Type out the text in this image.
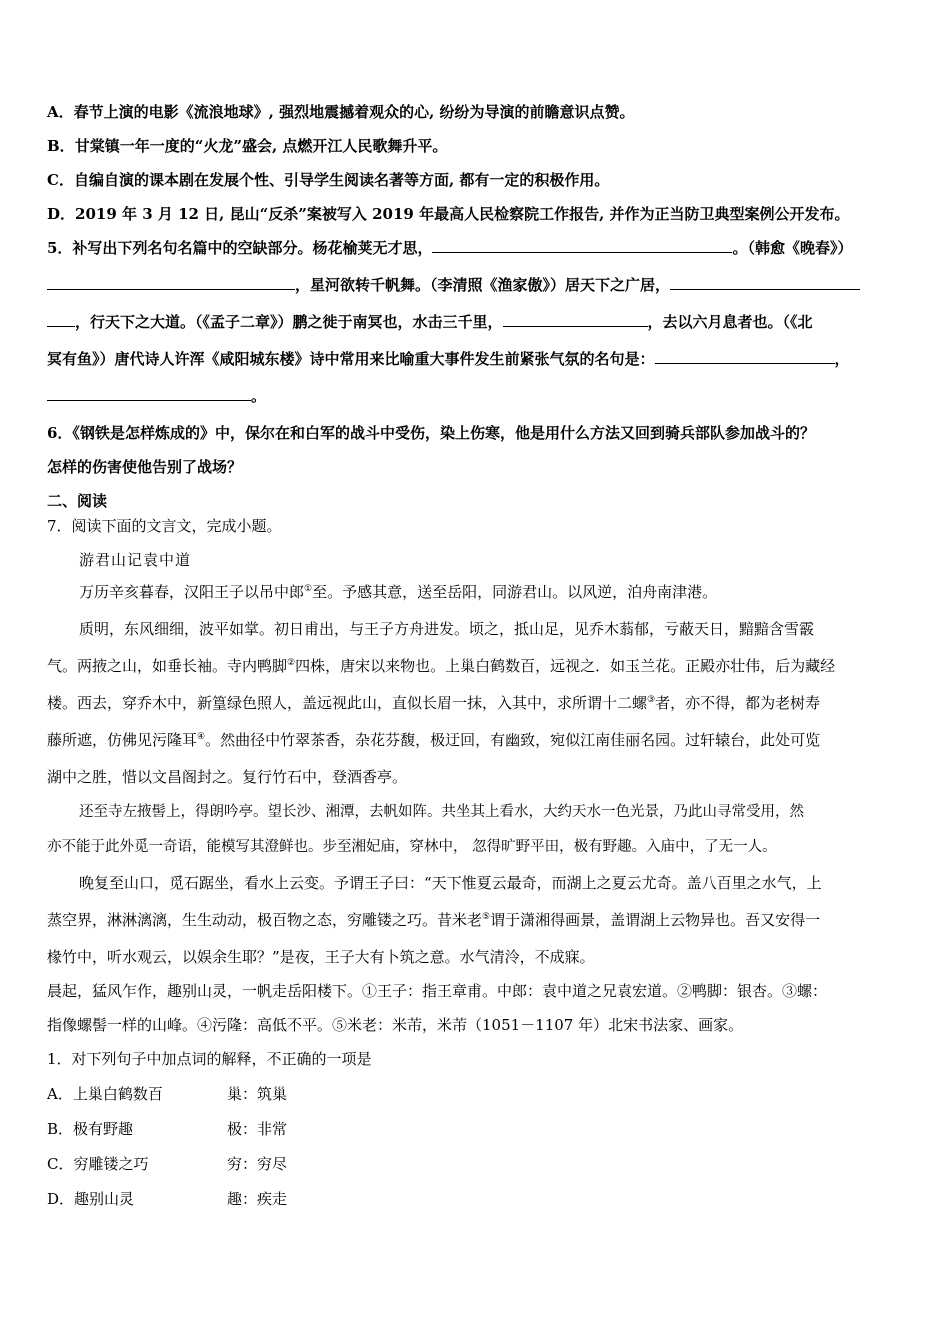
A．春节上演的电影《流浪地球》, 强烈地震撼着观众的心, 纷纷为导演的前瞻意识点赞。
B．甘棠镇一年一度的“火龙”盛会, 点燃开江人民歌舞升平。
C．自编自演的课本剧在发展个性、引导学生阅读名著等方面, 都有一定的积极作用。
D．2019 年 3 月 12 日, 昆山“反杀”案被写入 2019 年最高人民检察院工作报告, 并作为正当防卫典型案例公开发布。
5．补写出下列名句名篇中的空缺部分。杨花榆荚无才思，	。（韩愈《晚春》）
，星河欲转千帆舞。（李清照《渔家傲》）居天下之广居，
，行天下之大道。（《孟子二章》）鹏之徙于南冥也，水击三千里，	，去以六月息者也。（《北
冥有鱼》）唐代诗人许浑《咸阳城东楼》诗中常用来比喻重大事件发生前紧张气氛的名句是：	，
。
6．《钢铁是怎样炼成的》中，保尔在和白军的战斗中受伤，染上伤寒，他是用什么方法又回到骑兵部队参加战斗的？
怎样的伤害使他告别了战场？
二、阅读
7．阅读下面的文言文，完成小题。
游君山记袁中道
万历辛亥暮春，汉阳王子以吊中郎①至。予感其意，送至岳阳，同游君山。以风逆，泊舟南津港。
质明，东风细细，波平如掌。初日甫出，与王子方舟进发。顷之，抵山足，见乔木蓊郁，亏蔽天日，黯黯含雪霰
气。两掖之山，如垂长袖。寺内鸭脚②四株，唐宋以来物也。上巢白鹤数百，远视之．如玉兰花。正殿亦壮伟，后为藏经
楼。西去，穿乔木中，新篁绿色照人，盖远视此山，直似长眉一抹，入其中，求所谓十二螺③者，亦不得，都为老树寿
藤所遮，仿佛见污隆耳④。然曲径中竹翠茶香，杂花芬馥，极迂回，有幽致，宛似江南佳丽名园。过轩辕台，此处可览
湖中之胜，惜以文昌阁封之。复行竹石中，登酒香亭。
还至寺左掖髻上，得朗吟亭。望长沙、湘潭，去帆如阵。共坐其上看水，大约天水一色光景，乃此山寻常受用，然
亦不能于此外觅一奇语，能模写其澄鲜也。步至湘妃庙，穿林中， 忽得旷野平田，极有野趣。入庙中，了无一人。
晚复至山口，觅石踞坐，看水上云变。予谓王子曰：“天下惟夏云最奇，而湖上之夏云尤奇。盖八百里之水气，上
蒸空界，淋淋漓漓，生生动动，极百物之态，穷雕镂之巧。昔米老⑤谓于潇湘得画景，盖谓湖上云物异也。吾又安得一
椽竹中，听水观云，以娱余生耶？”是夜，王子大有卜筑之意。水气清泠，不成寐。
晨起，猛风乍作，趣别山灵，一帆走岳阳楼下。①王子：指王章甫。中郎：袁中道之兄袁宏道。②鸭脚：银杏。③螺：
指像螺髻一样的山峰。④污隆：高低不平。⑤米老：米芾，米芾（1051－1107 年）北宋书法家、画家。
1．对下列句子中加点词的解释，不正确的一项是
A．上巢白鹤数百	巢：筑巢
B．极有野趣	极：非常
C．穷雕镂之巧	穷：穷尽
D．趣别山灵	趣：疾走
